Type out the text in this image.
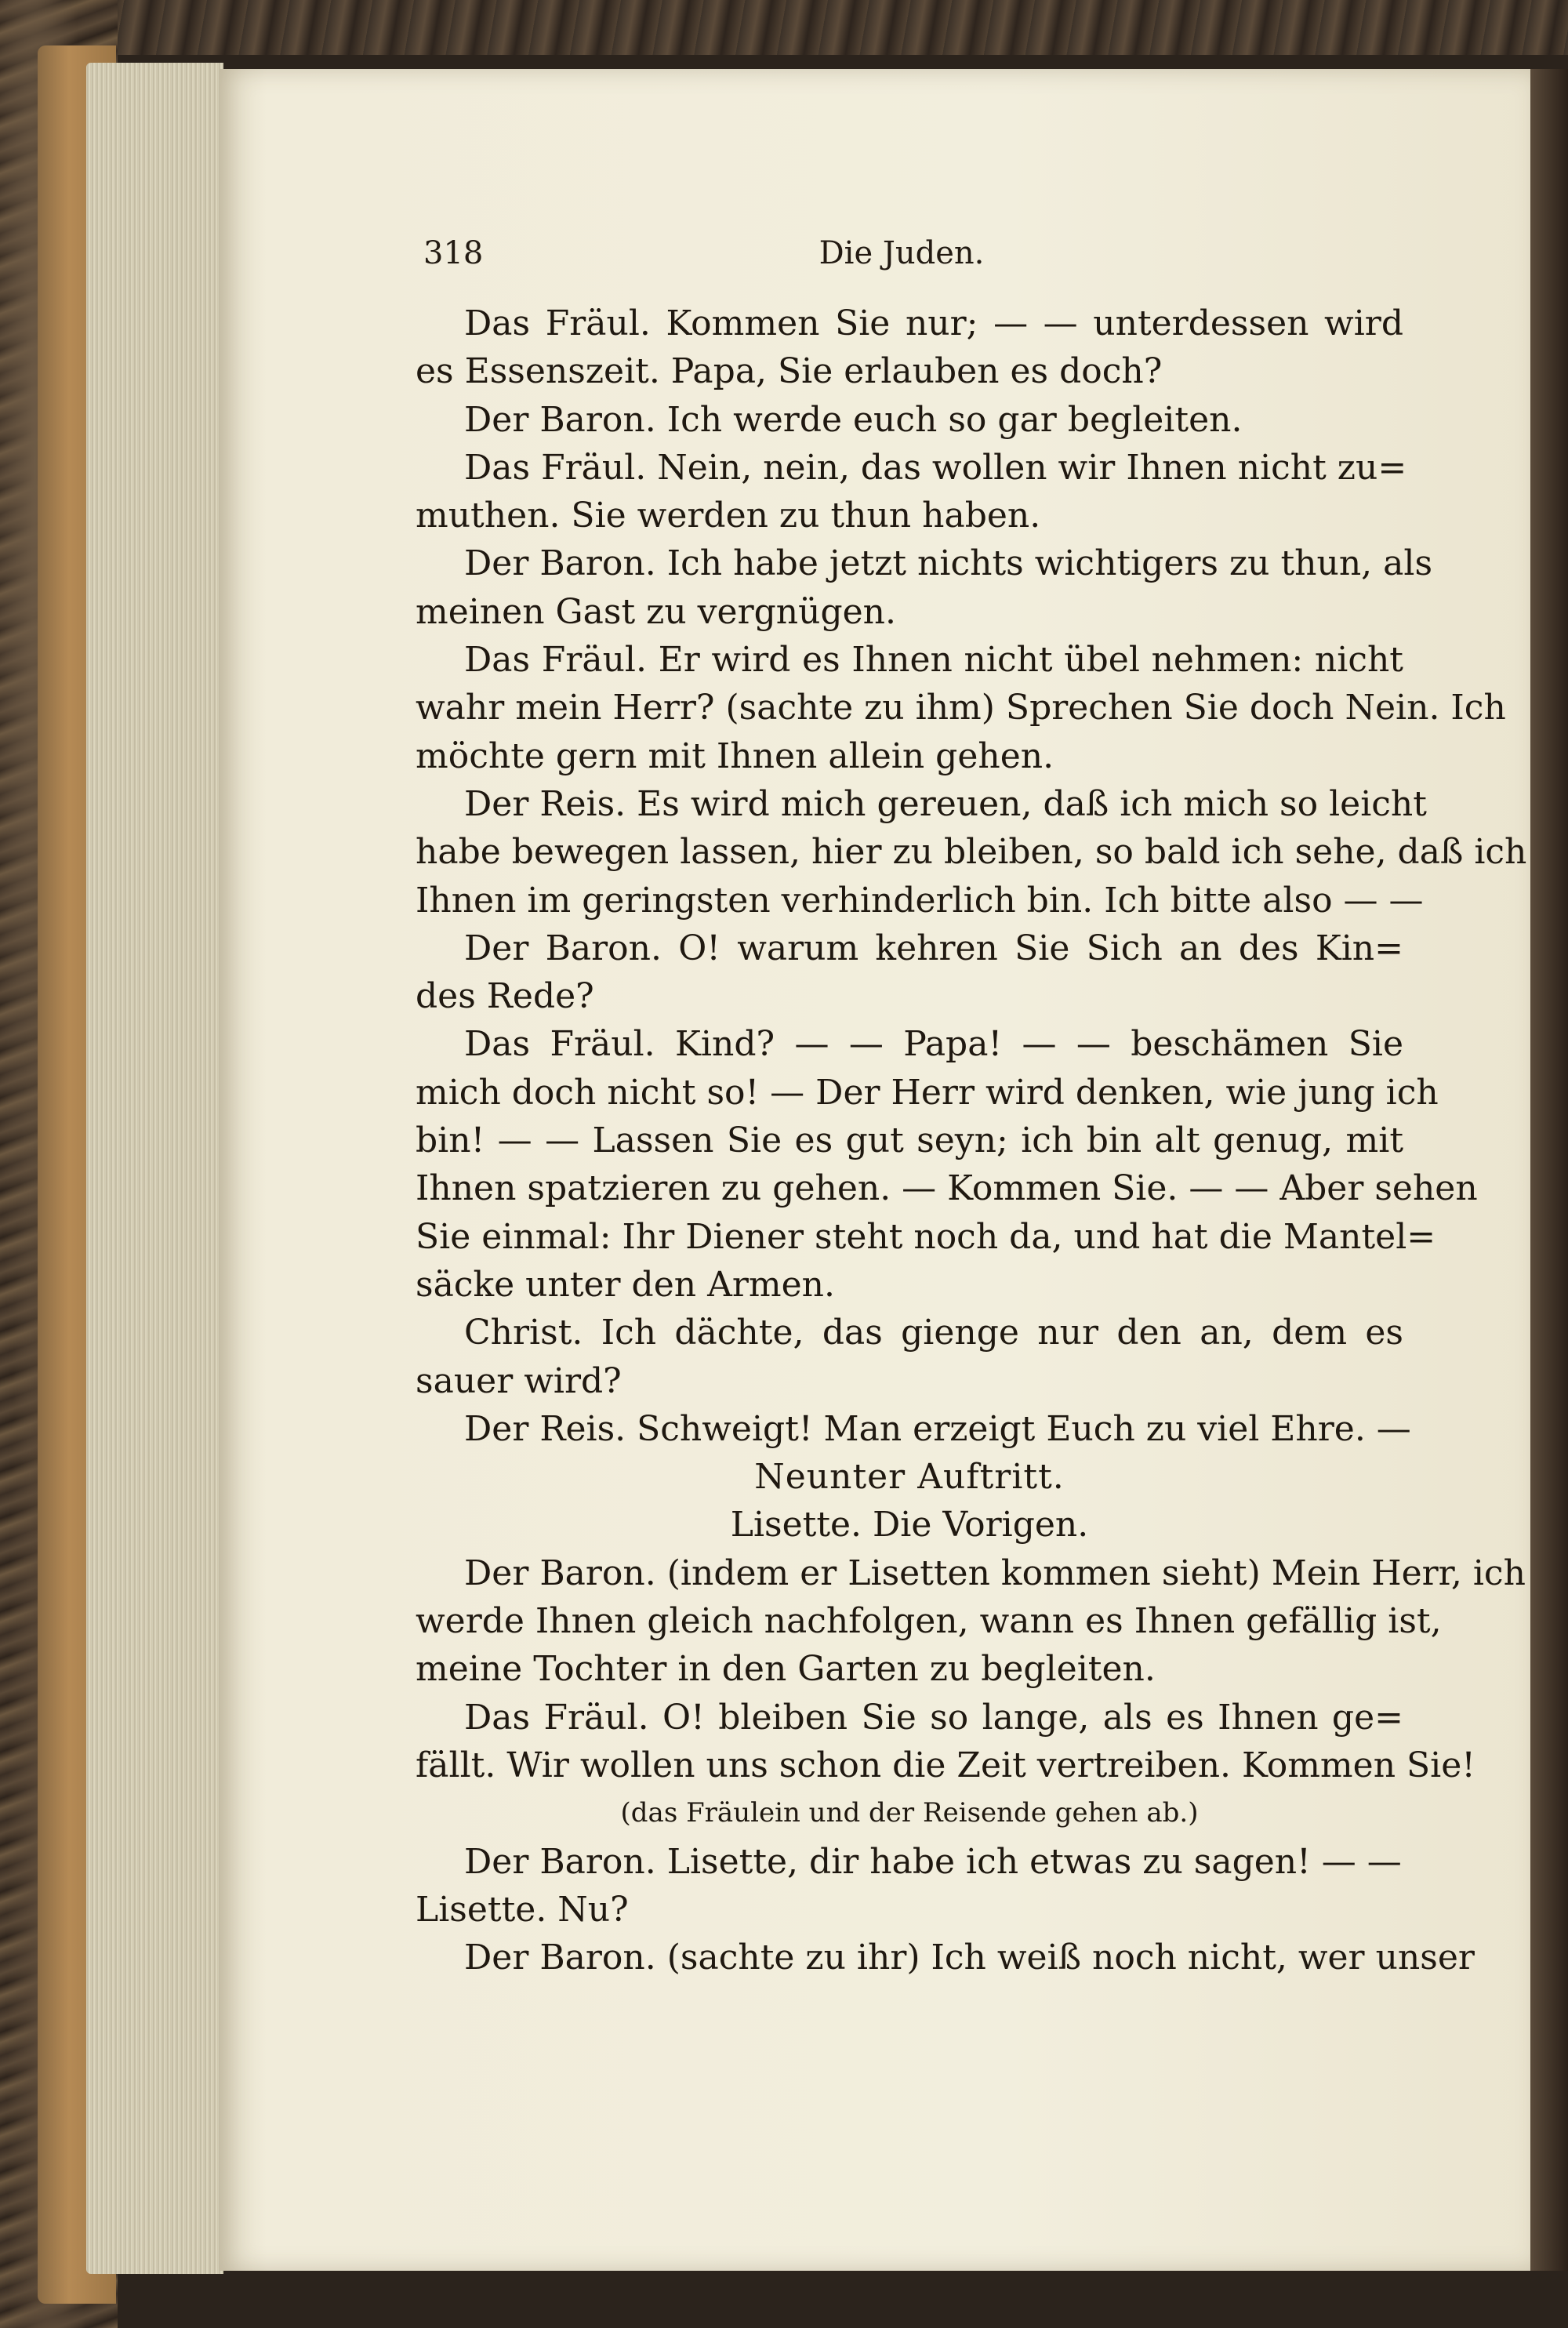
318	Die Juden.
Das Fräul. Kommen Sie nur; — — unterdessen wird
es Essenszeit. Papa, Sie erlauben es doch?
Der Baron. Ich werde euch so gar begleiten.
Das Fräul. Nein, nein, das wollen wir Ihnen nicht zu=
muthen. Sie werden zu thun haben.
Der Baron. Ich habe jetzt nichts wichtigers zu thun, als
meinen Gast zu vergnügen.
Das Fräul. Er wird es Ihnen nicht übel nehmen: nicht
wahr mein Herr? (sachte zu ihm) Sprechen Sie doch Nein. Ich
möchte gern mit Ihnen allein gehen.
Der Reis. Es wird mich gereuen, daß ich mich so leicht
habe bewegen lassen, hier zu bleiben, so bald ich sehe, daß ich
Ihnen im geringsten verhinderlich bin. Ich bitte also — —
Der Baron. O! warum kehren Sie Sich an des Kin=
des Rede?
Das Fräul. Kind? — — Papa! — — beschämen Sie
mich doch nicht so! — Der Herr wird denken, wie jung ich
bin! — — Lassen Sie es gut seyn; ich bin alt genug, mit
Ihnen spatzieren zu gehen. — Kommen Sie. — — Aber sehen
Sie einmal: Ihr Diener steht noch da, und hat die Mantel=
säcke unter den Armen.
Christ. Ich dächte, das gienge nur den an, dem es
sauer wird?
Der Reis. Schweigt! Man erzeigt Euch zu viel Ehre. —
Neunter Auftritt.
Lisette. Die Vorigen.
Der Baron. (indem er Lisetten kommen sieht) Mein Herr, ich
werde Ihnen gleich nachfolgen, wann es Ihnen gefällig ist,
meine Tochter in den Garten zu begleiten.
Das Fräul. O! bleiben Sie so lange, als es Ihnen ge=
fällt. Wir wollen uns schon die Zeit vertreiben. Kommen Sie!
(das Fräulein und der Reisende gehen ab.)
Der Baron. Lisette, dir habe ich etwas zu sagen! — —
Lisette. Nu?
Der Baron. (sachte zu ihr) Ich weiß noch nicht, wer unser
